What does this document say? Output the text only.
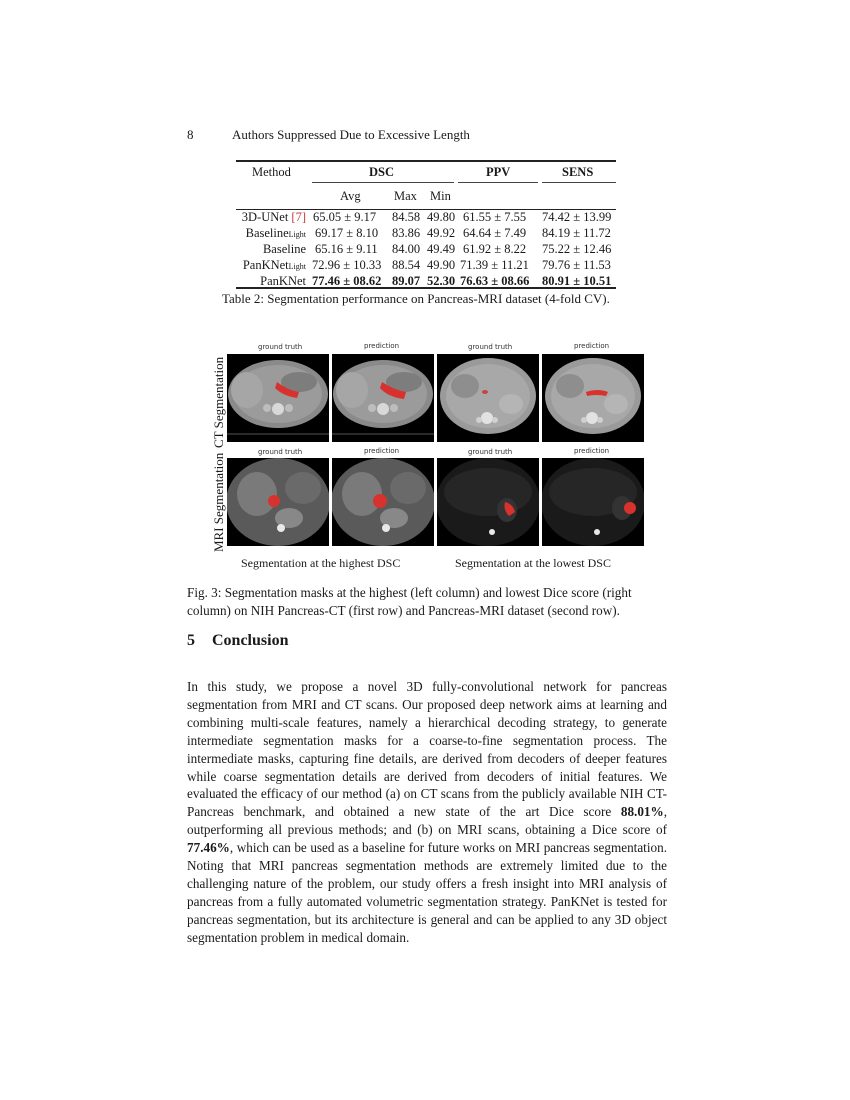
8	Authors Suppressed Due to Excessive Length
Method	DSC	PPV	SENS
Avg	Max Min
3D-UNet [7] 65.05 ± 9.17 84.58 49.80 61.55 ± 7.55 74.42 ± 13.99
BaselineLight 69.17 ± 8.10 83.86 49.92 64.64 ± 7.49 84.19 ± 11.72
Baseline 65.16 ± 9.11 84.00 49.49 61.92 ± 8.22 75.22 ± 12.46
PanKNetLight 72.96 ± 10.33 88.54 49.90 71.39 ± 11.21 79.76 ± 11.53
PanKNet 77.46 ± 08.62 89.07 52.30 76.63 ± 08.66 80.91 ± 10.51
Table 2: Segmentation performance on Pancreas-MRI dataset (4-fold CV).
CT Segmentation
MRI Segmentation
ground truth	prediction	ground truth	prediction
ground truth	prediction	ground truth	prediction
Segmentation at the highest DSC	Segmentation at the lowest DSC
Fig. 3: Segmentation masks at the highest (left column) and lowest Dice score (right column) on NIH Pancreas-CT (first row) and Pancreas-MRI dataset (second row).
5 Conclusion
In this study, we propose a novel 3D fully-convolutional network for pancreas segmentation from MRI and CT scans. Our proposed deep network aims at learning and combining multi-scale features, namely a hierarchical decoding strategy, to generate intermediate segmentation masks for a coarse-to-fine segmentation process. The intermediate masks, capturing fine details, are derived from decoders of deeper features while coarse segmentation details are derived from decoders of initial features. We evaluated the efficacy of our method (a) on CT scans from the publicly available NIH CT-Pancreas benchmark, and obtained a new state of the art Dice score 88.01%, outperforming all previous methods; and (b) on MRI scans, obtaining a Dice score of 77.46%, which can be used as a baseline for future works on MRI pancreas segmentation. Noting that MRI pancreas segmentation methods are extremely limited due to the challenging nature of the problem, our study offers a fresh insight into MRI analysis of pancreas from a fully automated volumetric segmentation strategy. PanKNet is tested for pancreas segmentation, but its architecture is general and can be applied to any 3D object segmentation problem in medical domain.
